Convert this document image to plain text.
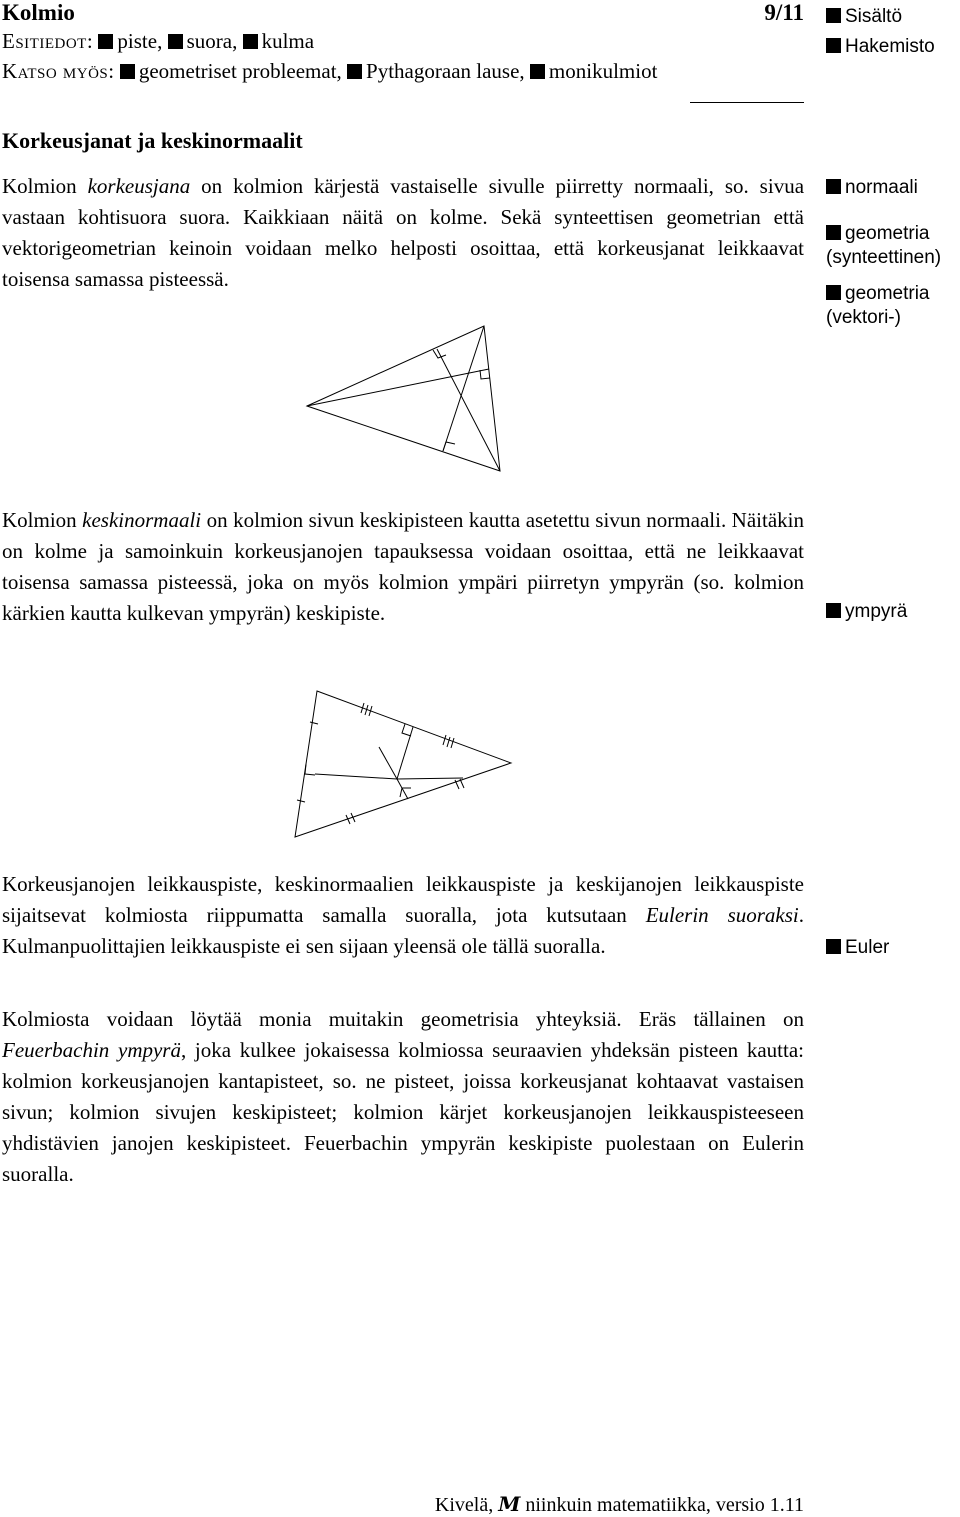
Kolmio	9/11
Esitiedot: piste, suora, kulma
Katso myös: geometriset probleemat, Pythagoraan lause, monikulmiot
Sisältö
Hakemisto
Korkeusjanat ja keskinormaalit
Kolmion korkeusjana on kolmion kärjestä vastaiselle sivulle piirretty normaali, so. sivua vastaan kohtisuora suora. Kaikkiaan näitä on kolme. Sekä synteettisen geometrian että vektorigeometrian keinoin voidaan melko helposti osoittaa, että korkeusjanat leikkaavat toisensa samassa pisteessä.
normaali
geometria
(synteettinen)
geometria
(vektori-)
Kolmion keskinormaali on kolmion sivun keskipisteen kautta asetettu sivun normaali. Näitäkin on kolme ja samoinkuin korkeusjanojen tapauksessa voidaan osoittaa, että ne leikkaavat toisensa samassa pisteessä, joka on myös kolmion ympäri piirretyn ympyrän (so. kolmion kärkien kautta kulkevan ympyrän) keskipiste.	ympyrä
Korkeusjanojen leikkauspiste, keskinormaalien leikkauspiste ja keskijanojen leikkauspiste sijaitsevat kolmiosta riippumatta samalla suoralla, jota kutsutaan Eulerin suoraksi. Kulmanpuolittajien leikkauspiste ei sen sijaan yleensä ole tällä suoralla.	Euler
Kolmiosta voidaan löytää monia muitakin geometrisia yhteyksiä. Eräs tällainen on Feuerbachin ympyrä, joka kulkee jokaisessa kolmiossa seuraavien yhdeksän pisteen kautta: kolmion korkeusjanojen kantapisteet, so. ne pisteet, joissa korkeusjanat kohtaavat vastaisen sivun; kolmion sivujen keskipisteet; kolmion kärjet korkeusjanojen leikkauspisteeseen yhdistävien janojen keskipisteet. Feuerbachin ympyrän keskipiste puolestaan on Eulerin suoralla.
Kivelä, M niinkuin matematiikka, versio 1.11
